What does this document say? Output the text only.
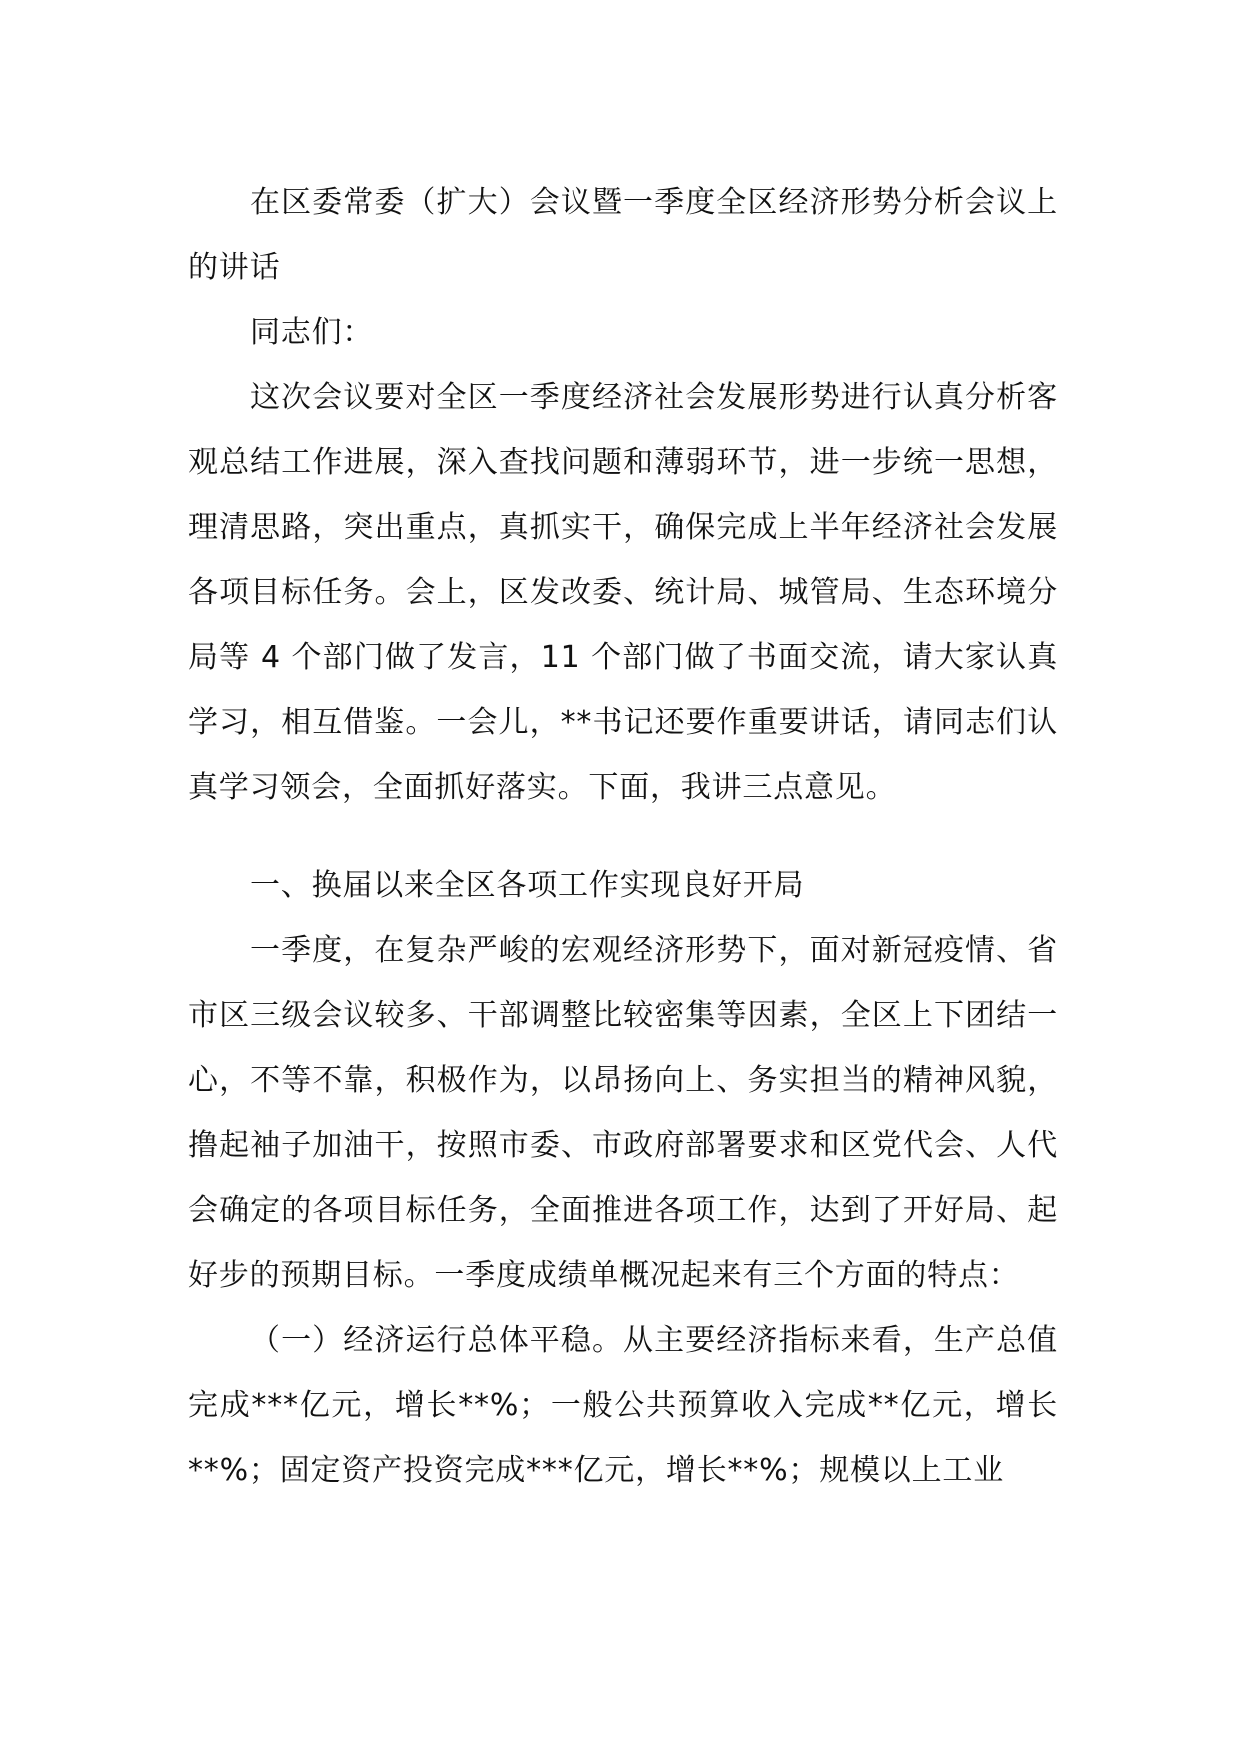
在区委常委（扩大）会议暨一季度全区经济形势分析会议上的讲话

同志们：

这次会议要对全区一季度经济社会发展形势进行认真分析客观总结工作进展，深入查找问题和薄弱环节，进一步统一思想，理清思路，突出重点，真抓实干，确保完成上半年经济社会发展各项目标任务。会上，区发改委、统计局、城管局、生态环境分局等 4 个部门做了发言，11 个部门做了书面交流，请大家认真学习，相互借鉴。一会儿，**书记还要作重要讲话，请同志们认真学习领会，全面抓好落实。下面，我讲三点意见。

一、换届以来全区各项工作实现良好开局

一季度，在复杂严峻的宏观经济形势下，面对新冠疫情、省市区三级会议较多、干部调整比较密集等因素，全区上下团结一心，不等不靠，积极作为，以昂扬向上、务实担当的精神风貌，撸起袖子加油干，按照市委、市政府部署要求和区党代会、人代会确定的各项目标任务，全面推进各项工作，达到了开好局、起好步的预期目标。一季度成绩单概况起来有三个方面的特点：

（一）经济运行总体平稳。从主要经济指标来看，生产总值完成***亿元，增长**%；一般公共预算收入完成**亿元，增长**%；固定资产投资完成***亿元，增长**%；规模以上工业
